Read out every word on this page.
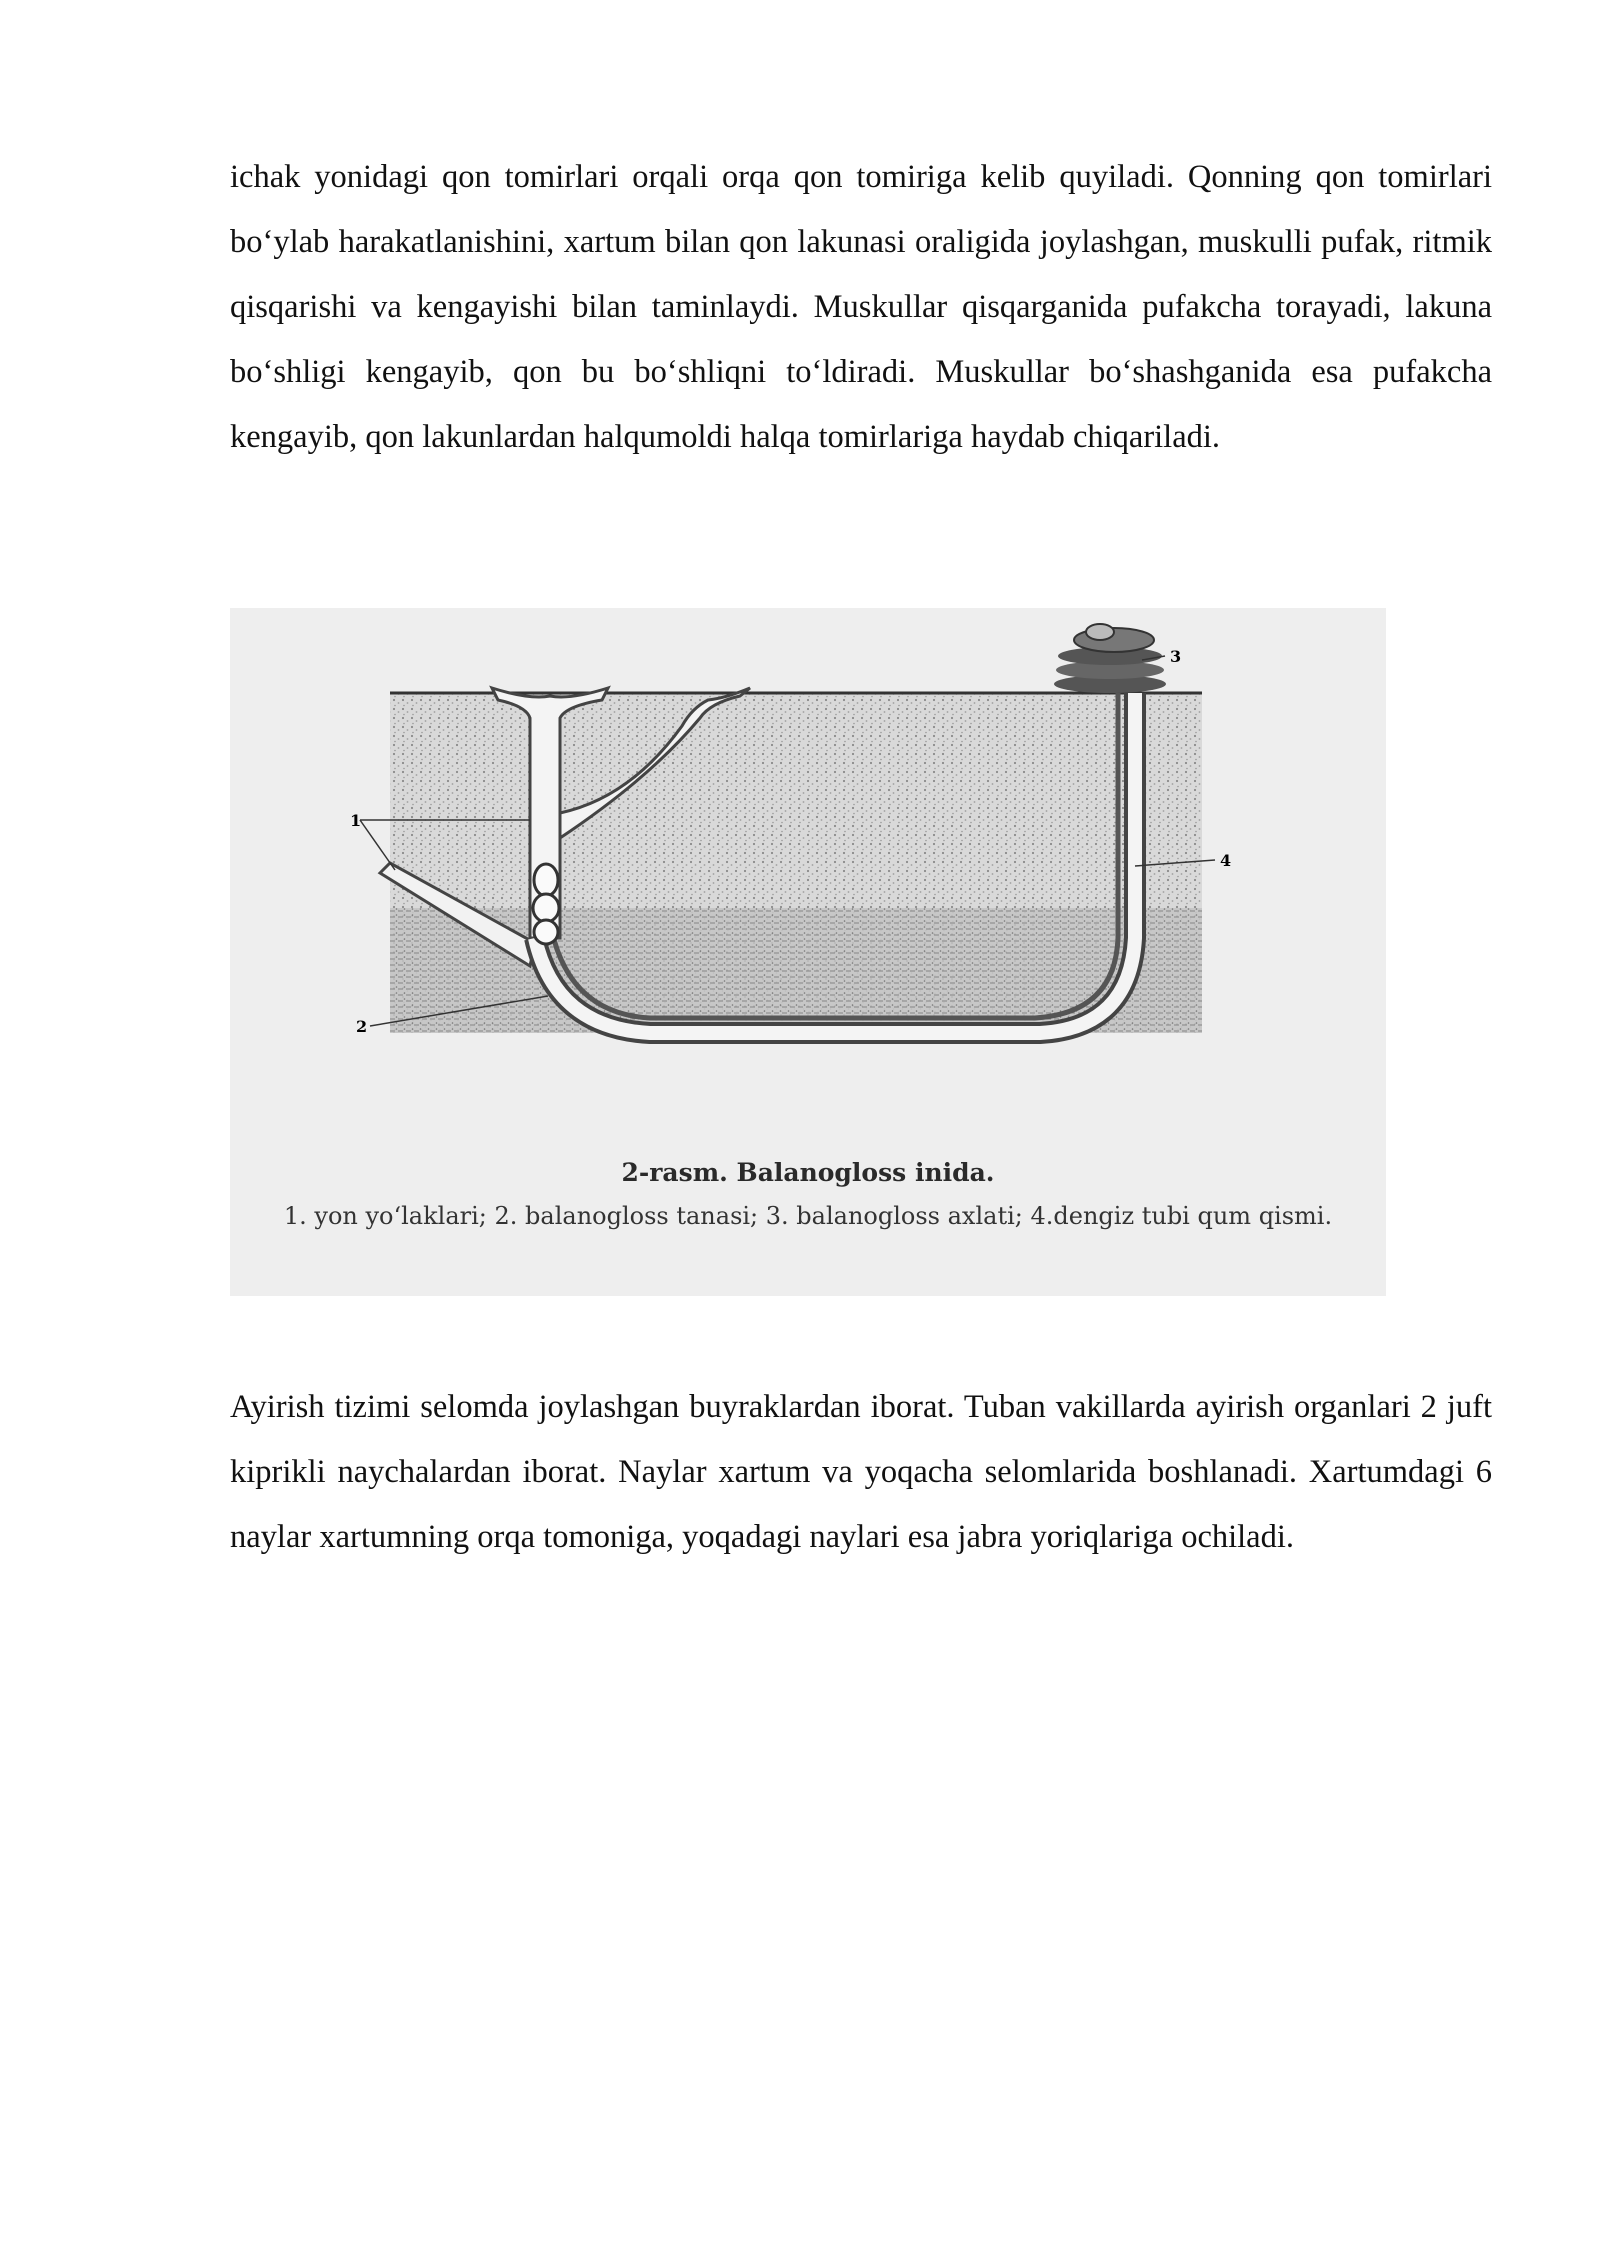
ichak yonidagi qon tomirlari orqali orqa qon tomiriga kelib quyiladi. Qonning qon tomirlari bo‘ylab harakatlanishini, xartum bilan qon lakunasi oraligida joylashgan, muskulli pufak, ritmik qisqarishi va kengayishi bilan taminlaydi. Muskullar qisqarganida pufakcha torayadi, lakuna bo‘shligi kengayib, qon bu bo‘shliqni to‘ldiradi. Muskullar bo‘shashganida esa pufakcha kengayib, qon lakunlardan halqumoldi halqa tomirlariga haydab chiqariladi.

1
2
3
4
2-rasm. Balanogloss inida.
1. yon yo‘laklari; 2. balanogloss tanasi; 3. balanogloss axlati; 4.dengiz tubi qum qismi.

Ayirish tizimi selomda joylashgan buyraklardan iborat. Tuban vakillarda ayirish organlari 2 juft kiprikli naychalardan iborat. Naylar xartum va yoqacha selomlarida boshlanadi. Xartumdagi 6 naylar xartumning orqa tomoniga, yoqadagi naylari esa jabra yoriqlariga ochiladi.
